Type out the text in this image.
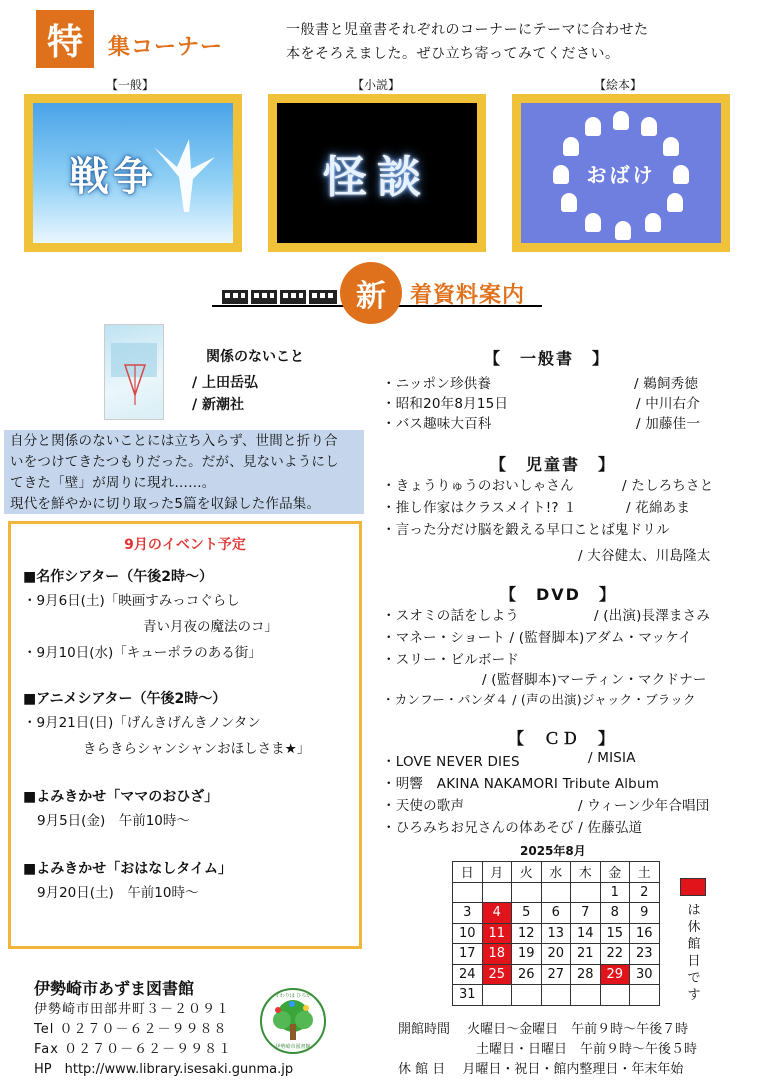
特	集コーナー
一般書と児童書それぞれのコーナーにテーマに合わせた
本をそろえました。ぜひ立ち寄ってみてください。
【一般】	【小説】	【絵本】
戦争	怪談	おばけ
新	着資料案内
関係のないこと
/ 上田岳弘
/ 新潮社
自分と関係のないことには立ち入らず、世間と折り合
いをつけてきたつもりだった。だが、見ないようにし
てきた「壁」が周りに現れ……。
現代を鮮やかに切り取った5篇を収録した作品集。
9月のイベント予定
■名作シアター（午後2時～）
・9月6日(土)「映画すみっコぐらし
青い月夜の魔法のコ」
・9月10日(水)「キューポラのある街」
■アニメシアター（午後2時～）
・9月21日(日)「げんきげんきノンタン
きらきらシャンシャンおほしさま★」
■よみきかせ「ママのおひざ」
9月5日(金)　午前10時～
■よみきかせ「おはなしタイム」
9月20日(土)　午前10時～
【　一般書　】
・ニッポン珍供養	/ 鵜飼秀徳
・昭和20年8月15日	/ 中川右介
・バス趣味大百科	/ 加藤佳一
【　児童書　】
・きょうりゅうのおいしゃさん	/ たしろちさと
・推し作家はクラスメイト!? １	/ 花綿あま
・言った分だけ脳を鍛える早口ことば鬼ドリル
/ 大谷健太、川島隆太
【　DVD　】
・スオミの話をしよう	/ (出演)長澤まさみ
・マネー・ショート / (監督脚本)アダム・マッケイ
・スリー・ビルボード
/ (監督脚本)マーティン・マクドナー
・カンフー・パンダ４ / (声の出演)ジャック・ブラック
【　ＣＤ　】
・LOVE NEVER DIES	/ MISIA
・明響　AKINA NAKAMORI Tribute Album
・天使の歌声	/ ウィーン少年合唱団
・ひろみちお兄さんの体あそび / 佐藤弘道
2025年8月
日	月	火	水	木	金	土
					1	2
3	4	5	6	7	8	9
10	11	12	13	14	15	16
17	18	19	20	21	22	23
24	25	26	27	28	29	30
31						
は
休
館
日
で
す
伊勢崎市あずま図書館
伊勢崎市田部井町３－２０９１
Tel ０２７０－６２－９９８８
Fax ０２７０－６２－９９８１
HP　http://www.library.isesaki.gunma.jp
まずわりは ひろがる
伊勢崎市図書館
開館時間　 火曜日～金曜日　午前９時～午後７時
土曜日・日曜日　午前９時～午後５時
休 館 日　 月曜日・祝日・館内整理日・年末年始
